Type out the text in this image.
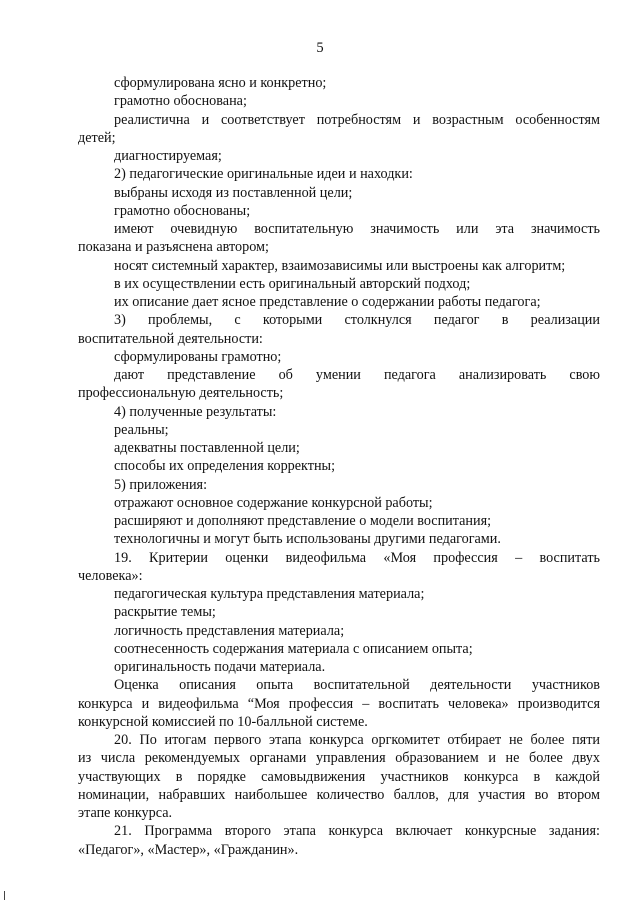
5
сформулирована ясно и конкретно;
грамотно обоснована;
реалистична и соответствует потребностям и возрастным особенностям
детей;
диагностируемая;
2) педагогические оригинальные идеи и находки:
выбраны исходя из поставленной цели;
грамотно обоснованы;
имеют очевидную воспитательную значимость или эта значимость
показана и разъяснена автором;
носят системный характер, взаимозависимы или выстроены как алгоритм;
в их осуществлении есть оригинальный авторский подход;
их описание дает ясное представление о содержании работы педагога;
3) проблемы, с которыми столкнулся педагог в реализации
воспитательной деятельности:
сформулированы грамотно;
дают представление об умении педагога анализировать свою
профессиональную деятельность;
4) полученные результаты:
реальны;
адекватны поставленной цели;
способы их определения корректны;
5) приложения:
отражают основное содержание конкурсной работы;
расширяют и дополняют представление о модели воспитания;
технологичны и могут быть использованы другими педагогами.
19. Критерии оценки видеофильма «Моя профессия – воспитать
человека»:
педагогическая культура представления материала;
раскрытие темы;
логичность представления материала;
соотнесенность содержания материала с описанием опыта;
оригинальность подачи материала.
Оценка описания опыта воспитательной деятельности участников
конкурса и видеофильма “Моя профессия – воспитать человека» производится
конкурсной комиссией по 10-балльной системе.
20. По итогам первого этапа конкурса оргкомитет отбирает не более пяти
из числа рекомендуемых органами управления образованием и не более двух
участвующих в порядке самовыдвижения участников конкурса в каждой
номинации, набравших наибольшее количество баллов, для участия во втором
этапе конкурса.
21. Программа второго этапа конкурса включает конкурсные задания:
«Педагог», «Мастер», «Гражданин».
